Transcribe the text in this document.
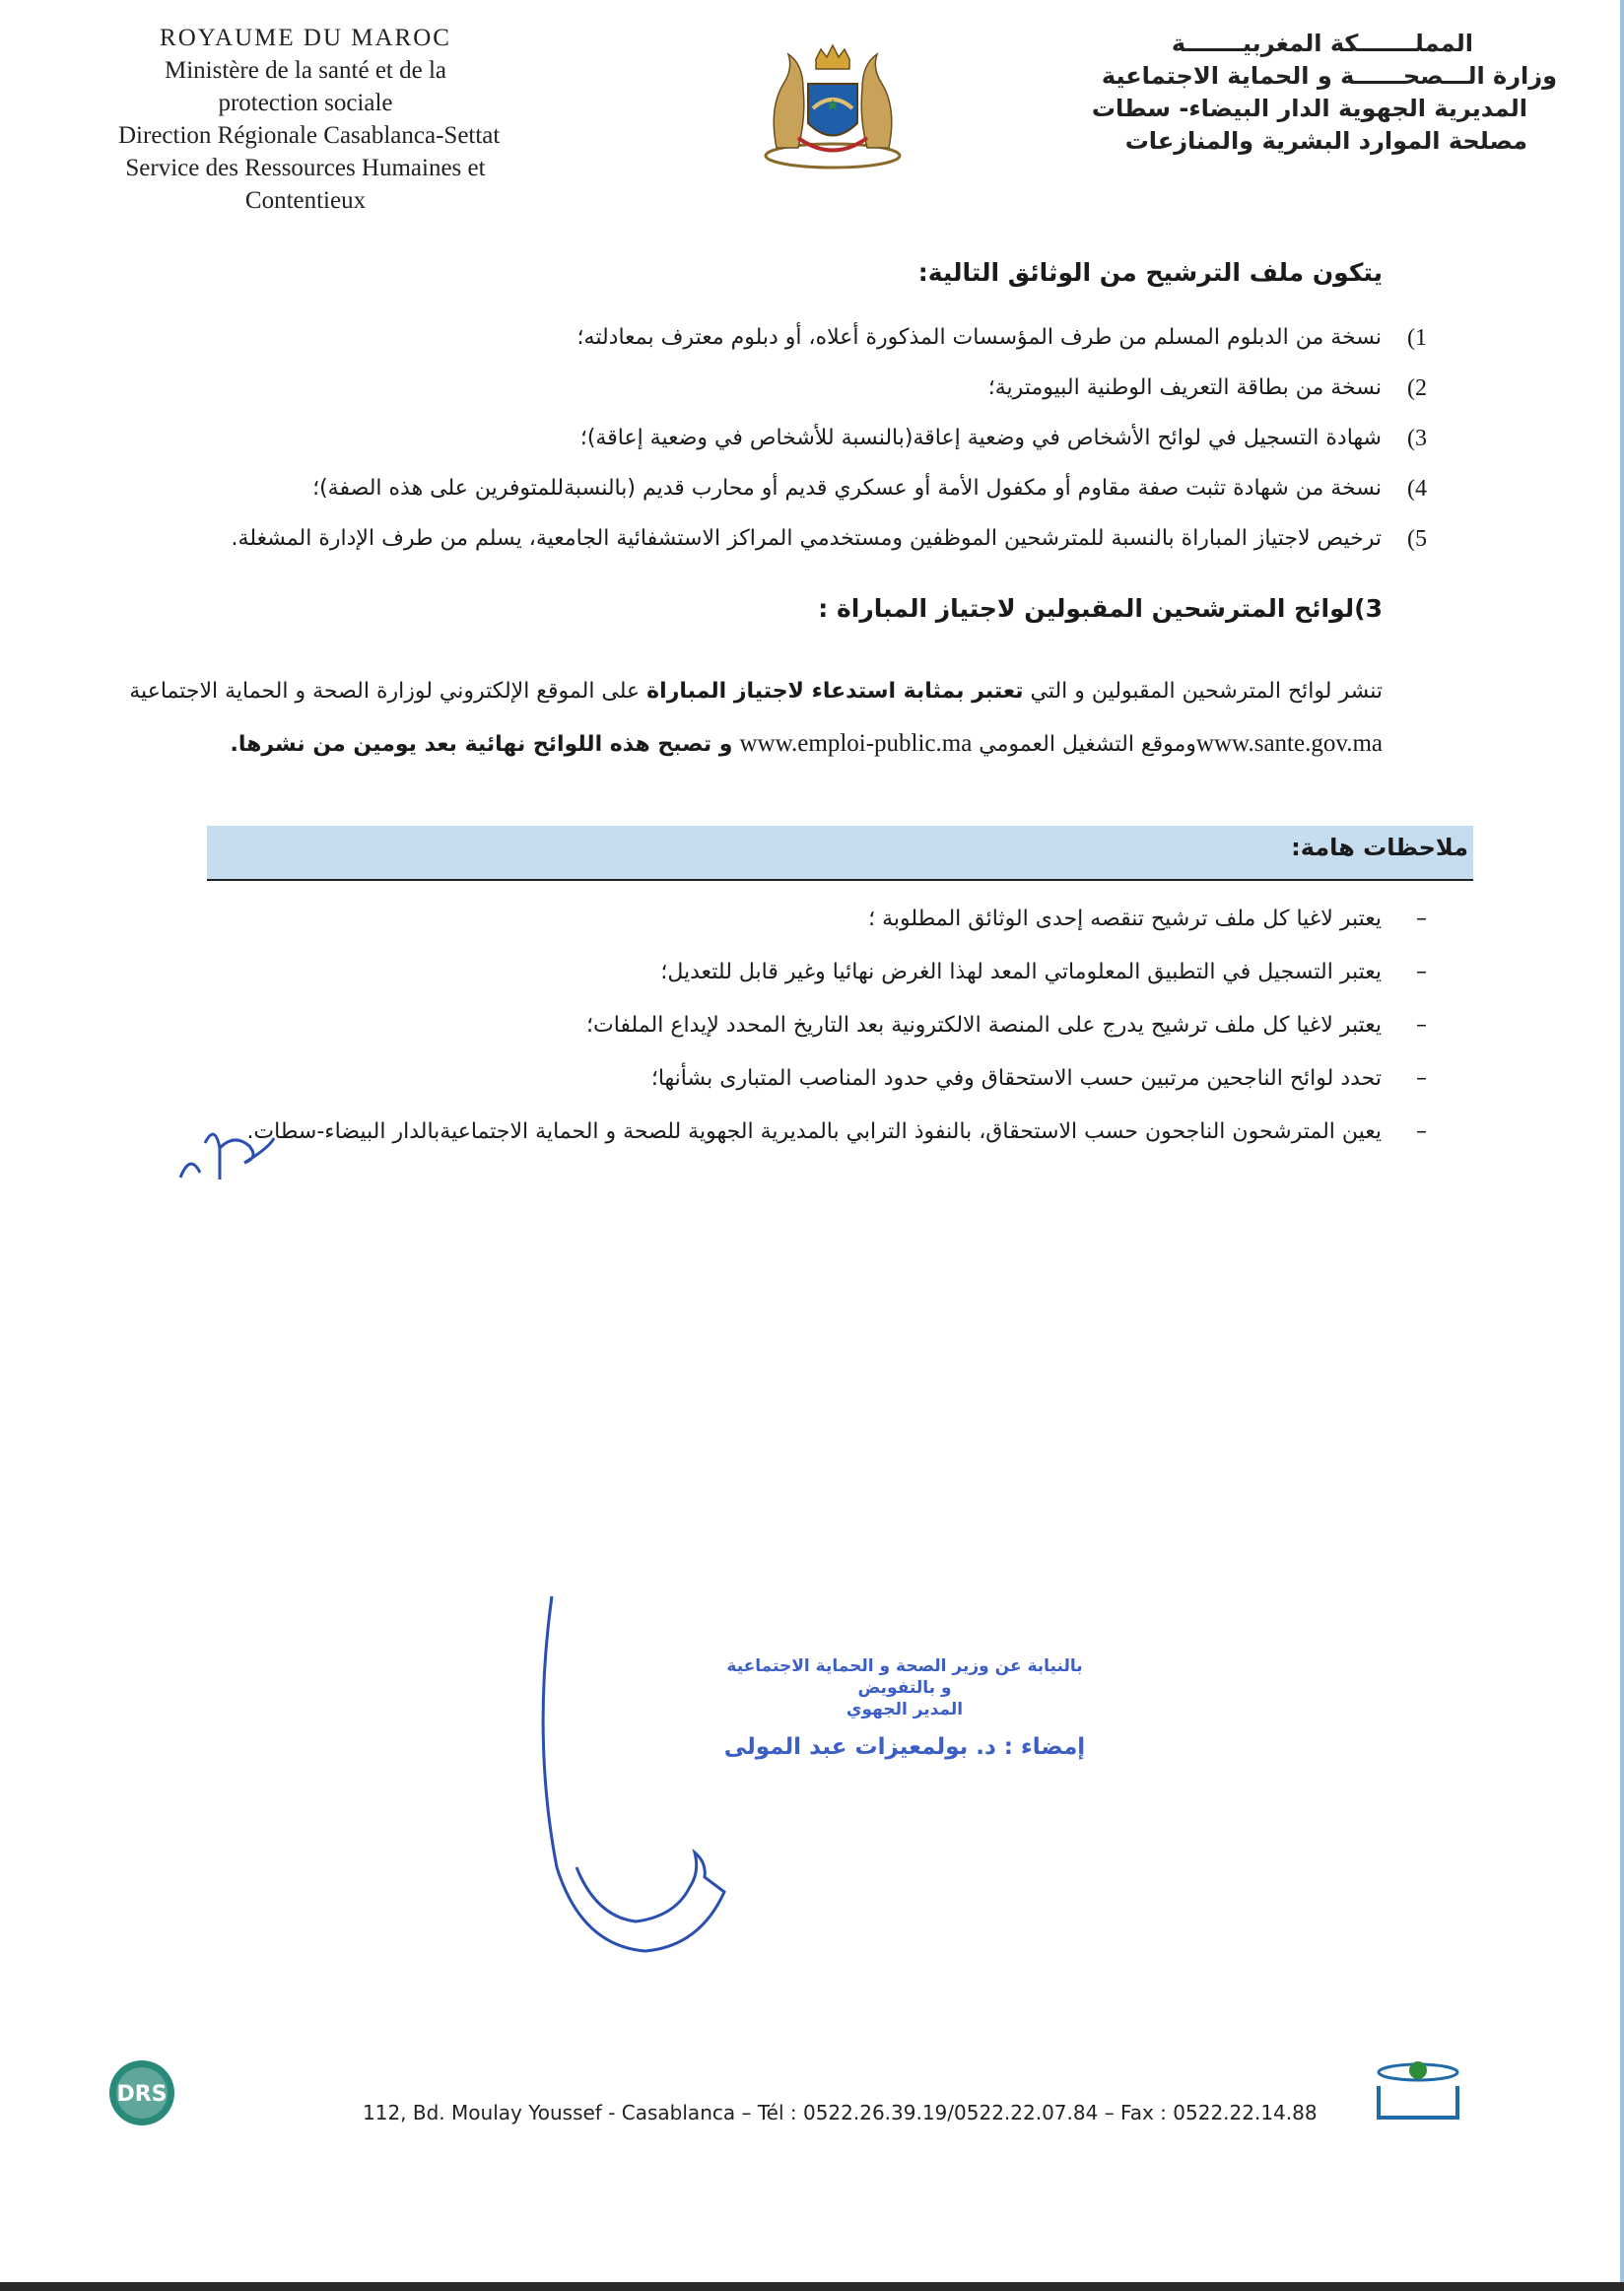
ROYAUME DU MAROC
Ministère de la santé et de la
protection sociale
Direction Régionale Casablanca-Settat
Service des Ressources Humaines et
Contentieux
المملـــــــكة المغربيـــــــة
وزارة الـــصحــــــة و الحماية الاجتماعية
المديرية الجهوية الدار البيضاء- سطات
مصلحة الموارد البشرية والمنازعات
يتكون ملف الترشيح من الوثائق التالية:
1)
نسخة من الدبلوم المسلم من طرف المؤسسات المذكورة أعلاه، أو دبلوم معترف بمعادلته؛
2)
نسخة من بطاقة التعريف الوطنية البيومترية؛
3)
شهادة التسجيل في لوائح الأشخاص في وضعية إعاقة(بالنسبة للأشخاص في وضعية إعاقة)؛
4)
نسخة من شهادة تثبت صفة مقاوم أو مكفول الأمة أو عسكري قديم أو محارب قديم (بالنسبةللمتوفرين على هذه الصفة)؛
5)
ترخيص لاجتياز المباراة بالنسبة للمترشحين الموظفين ومستخدمي المراكز الاستشفائية الجامعية، يسلم من طرف الإدارة المشغلة.
3)لوائح المترشحين المقبولين لاجتياز المباراة :
تنشر لوائح المترشحين المقبولين و التي تعتبر بمثابة استدعاء لاجتياز المباراة على الموقع الإلكتروني لوزارة الصحة و الحماية الاجتماعية www.sante.gov.maوموقع التشغيل العمومي www.emploi-public.ma و تصبح هذه اللوائح نهائية بعد يومين من نشرها.
ملاحظات هامة:
–
يعتبر لاغيا كل ملف ترشيح تنقصه إحدى الوثائق المطلوبة ؛
–
يعتبر التسجيل في التطبيق المعلوماتي المعد لهذا الغرض نهائيا وغير قابل للتعديل؛
–
يعتبر لاغيا كل ملف ترشيح يدرج على المنصة الالكترونية بعد التاريخ المحدد لإيداع الملفات؛
–
تحدد لوائح الناجحين مرتبين حسب الاستحقاق وفي حدود المناصب المتبارى بشأنها؛
–
يعين المترشحون الناجحون حسب الاستحقاق، بالنفوذ الترابي بالمديرية الجهوية للصحة و الحماية الاجتماعيةبالدار البيضاء-سطات.
بالنيابة عن وزير الصحة و الحماية الاجتماعية
و بالتفويض
المدير الجهوي
إمضاء : د. بولمعيزات عبد المولى
DRS
112, Bd. Moulay Youssef - Casablanca – Tél : 0522.26.39.19/0522.22.07.84 – Fax : 0522.22.14.88
